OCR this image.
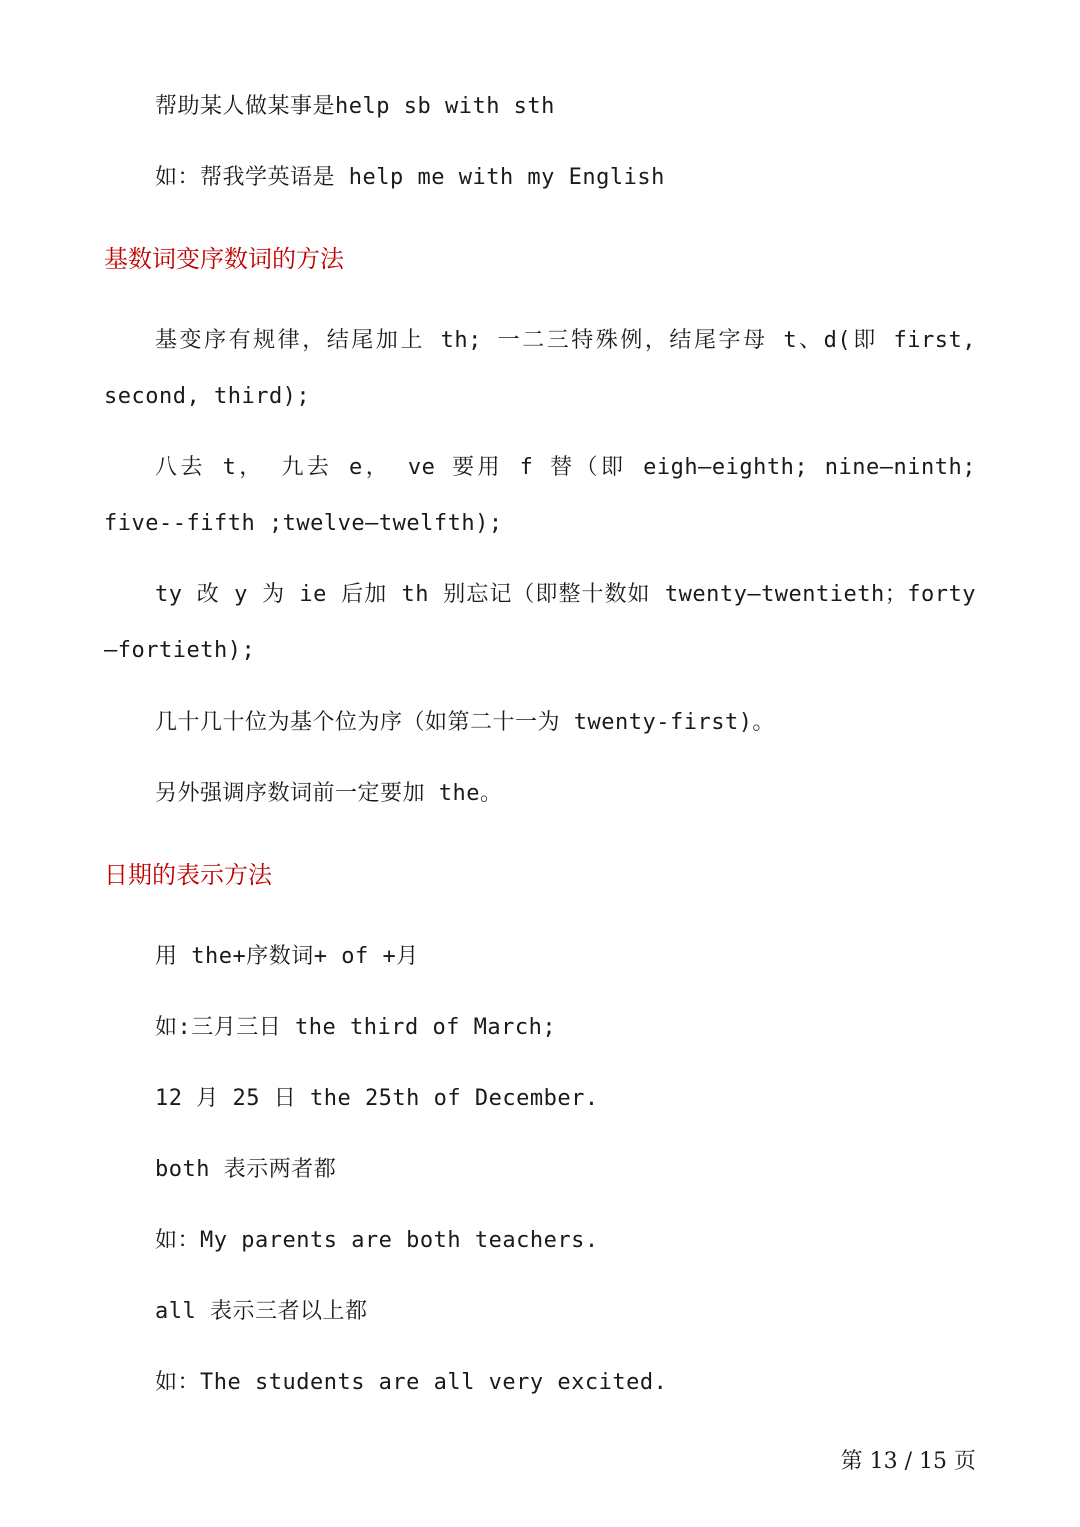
帮助某人做某事是help sb with sth
如：帮我学英语是 help me with my English
基数词变序数词的方法
基变序有规律，结尾加上 th; 一二三特殊例，结尾字母 t、d(即 first, second, third);
八去 t， 九去 e， ve 要用 f 替（即 eigh—eighth; nine—ninth; five--fifth ;twelve—twelfth);
ty 改 y 为 ie 后加 th 别忘记（即整十数如 twenty—twentieth；forty—fortieth);
几十几十位为基个位为序（如第二十一为 twenty-first)。
另外强调序数词前一定要加 the。
日期的表示方法
用 the+序数词+ of +月
如:三月三日 the third of March;
12 月 25 日 the 25th of December.
both 表示两者都
如：My parents are both teachers.
all 表示三者以上都
如：The students are all very excited.
第 13 / 15 页
